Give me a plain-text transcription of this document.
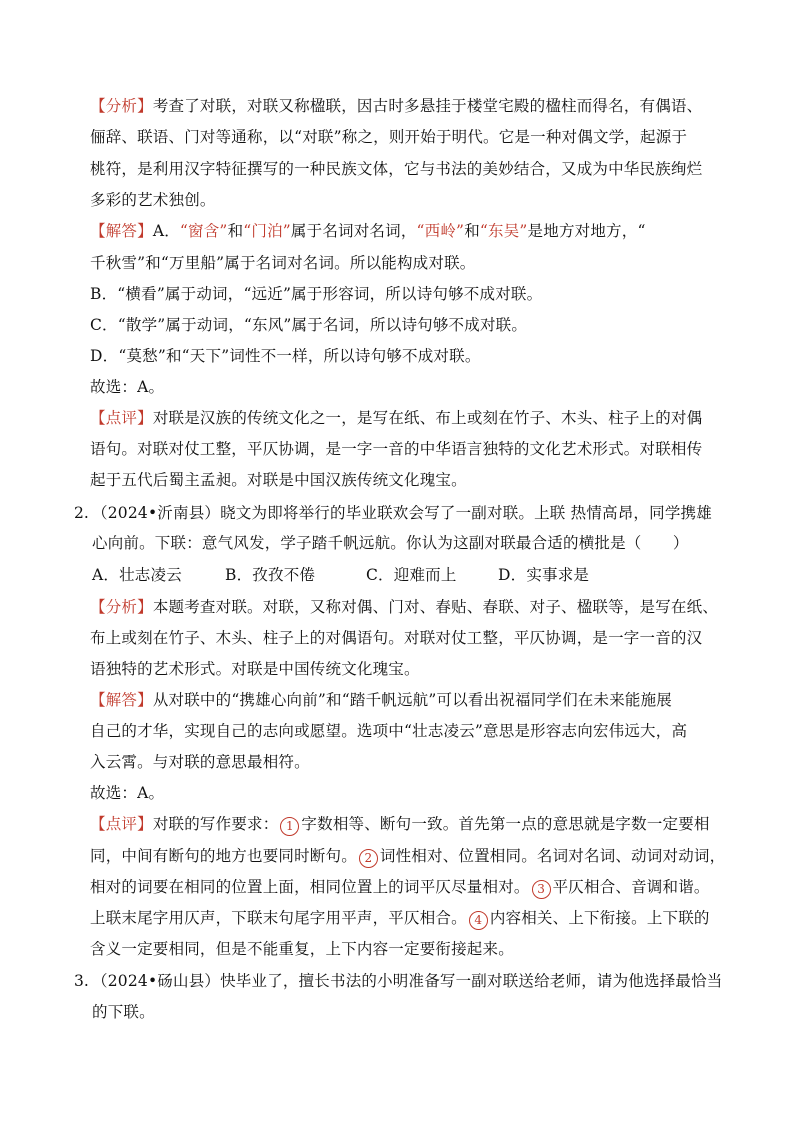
【分析】考查了对联，对联又称楹联，因古时多悬挂于楼堂宅殿的楹柱而得名，有偶语、
俪辞、联语、门对等通称，以“对联”称之，则开始于明代。它是一种对偶文学，起源于
桃符，是利用汉字特征撰写的一种民族文体，它与书法的美妙结合，又成为中华民族绚烂
多彩的艺术独创。
【解答】A．“窗含”和“门泊”属于名词对名词，“西岭”和“东吴”是地方对地方，“
千秋雪”和“万里船”属于名词对名词。所以能构成对联。
B．“横看”属于动词，“远近”属于形容词，所以诗句够不成对联。
C．“散学”属于动词，“东风”属于名词，所以诗句够不成对联。
D．“莫愁”和“天下”词性不一样，所以诗句够不成对联。
故选：A。
【点评】对联是汉族的传统文化之一，是写在纸、布上或刻在竹子、木头、柱子上的对偶
语句。对联对仗工整，平仄协调，是一字一音的中华语言独特的文化艺术形式。对联相传
起于五代后蜀主孟昶。对联是中国汉族传统文化瑰宝。
2. （2024•沂南县）晓文为即将举行的毕业联欢会写了一副对联。上联 热情高昂，同学携雄
心向前。下联：意气风发，学子踏千帆远航。你认为这副对联最合适的横批是（　　）
A．壮志凌云	B．孜孜不倦	C．迎难而上	D．实事求是
【分析】本题考查对联。对联，又称对偶、门对、春贴、春联、对子、楹联等，是写在纸、
布上或刻在竹子、木头、柱子上的对偶语句。对联对仗工整，平仄协调，是一字一音的汉
语独特的艺术形式。对联是中国传统文化瑰宝。
【解答】从对联中的“携雄心向前”和“踏千帆远航”可以看出祝福同学们在未来能施展
自己的才华，实现自己的志向或愿望。选项中“壮志凌云”意思是形容志向宏伟远大，高
入云霄。与对联的意思最相符。
故选：A。
【点评】对联的写作要求： 1 字数相等、断句一致。首先第一点的意思就是字数一定要相
同，中间有断句的地方也要同时断句。 2 词性相对、位置相同。名词对名词、动词对动词，
相对的词要在相同的位置上面，相同位置上的词平仄尽量相对。 3 平仄相合、音调和谐。
上联末尾字用仄声，下联末句尾字用平声，平仄相合。 4 内容相关、上下衔接。上下联的
含义一定要相同，但是不能重复，上下内容一定要衔接起来。
3. （2024•砀山县）快毕业了，擅长书法的小明准备写一副对联送给老师，请为他选择最恰当
的下联。
